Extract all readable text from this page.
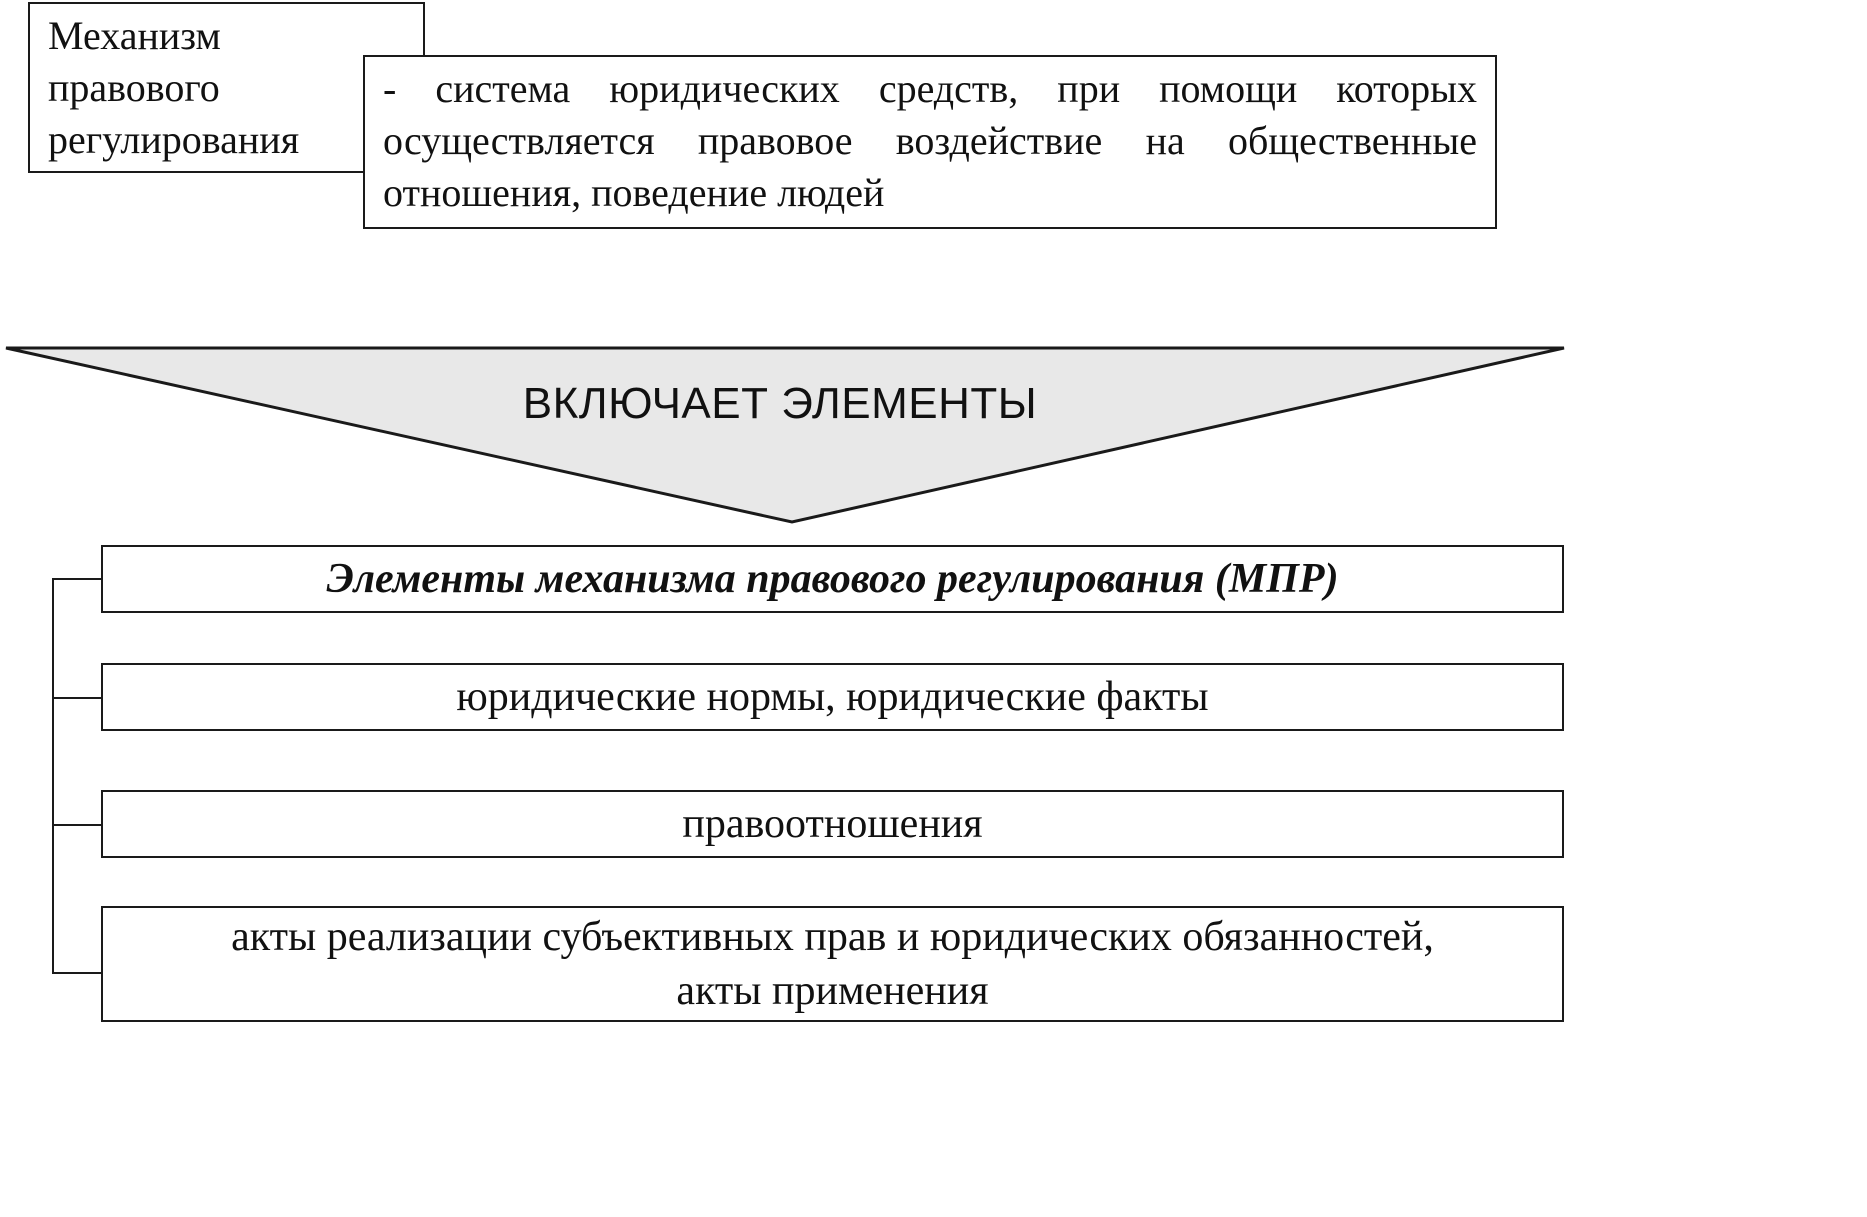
Механизм
правового
регулирования
- система юридических средств, при помощи которых осуществляется правовое воздействие на общественные отношения, поведение людей
ВКЛЮЧАЕТ ЭЛЕМЕНТЫ
Элементы механизма правового регулирования (МПР)
юридические нормы, юридические факты
правоотношения
акты реализации субъективных прав и юридических обязанностей,
акты применения
